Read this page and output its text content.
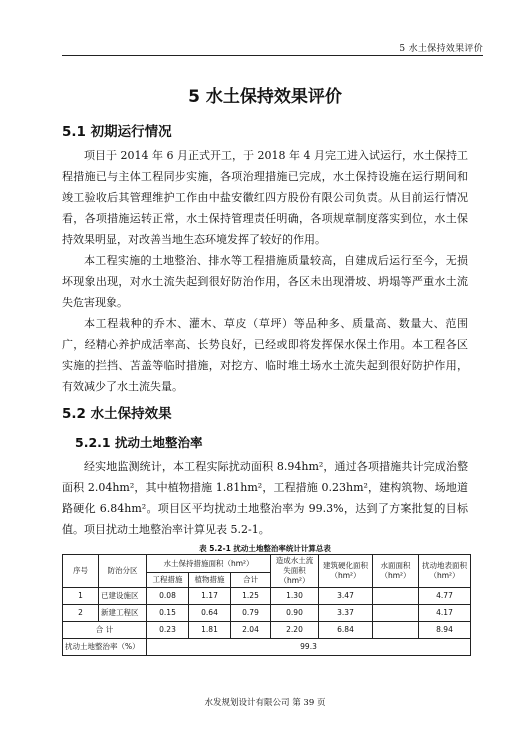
5 水土保持效果评价
5 水土保持效果评价
5.1 初期运行情况

项目于 2014 年 6 月正式开工，于 2018 年 4 月完工进入试运行，水土保持工程措施已与主体工程同步实施，各项治理措施已完成，水土保持设施在运行期间和竣工验收后其管理维护工作由中盐安徽红四方股份有限公司负责。从目前运行情况看，各项措施运转正常，水土保持管理责任明确，各项规章制度落实到位，水土保持效果明显，对改善当地生态环境发挥了较好的作用。

本工程实施的土地整治、排水等工程措施质量较高，自建成后运行至今，无损坏现象出现，对水土流失起到很好防治作用，各区未出现滑坡、坍塌等严重水土流失危害现象。

本工程栽种的乔木、灌木、草皮（草坪）等品种多、质量高、数量大、范围广，经精心养护成活率高、长势良好，已经或即将发挥保水保土作用。本工程各区实施的拦挡、苫盖等临时措施，对挖方、临时堆土场水土流失起到很好防护作用，有效减少了水土流失量。

5.2 水土保持效果
5.2.1 扰动土地整治率

经实地监测统计，本工程实际扰动面积 8.94hm²，通过各项措施共计完成治整面积 2.04hm²，其中植物措施 1.81hm²，工程措施 0.23hm²，建构筑物、场地道路硬化 6.84hm²。项目区平均扰动土地整治率为 99.3%，达到了方案批复的目标值。 项目扰动土地整治率计算见表 5.2-1。

表 5.2-1 扰动土地整治率统计计算总表
序号	防治分区	水土保持措施面积（hm²）			造成水土流失面积（hm²）	建筑硬化面积（hm²）	水面面积（hm²）	扰动地表面积（hm²）
		工程措施	植物措施	合计				
1	已建设施区	0.08	1.17	1.25	1.30	3.47		4.77
2	新建工程区	0.15	0.64	0.79	0.90	3.37		4.17
合 计		0.23	1.81	2.04	2.20	6.84		8.94
扰动土地整治率（%）		99.3						
水发规划设计有限公司 第 39 页
